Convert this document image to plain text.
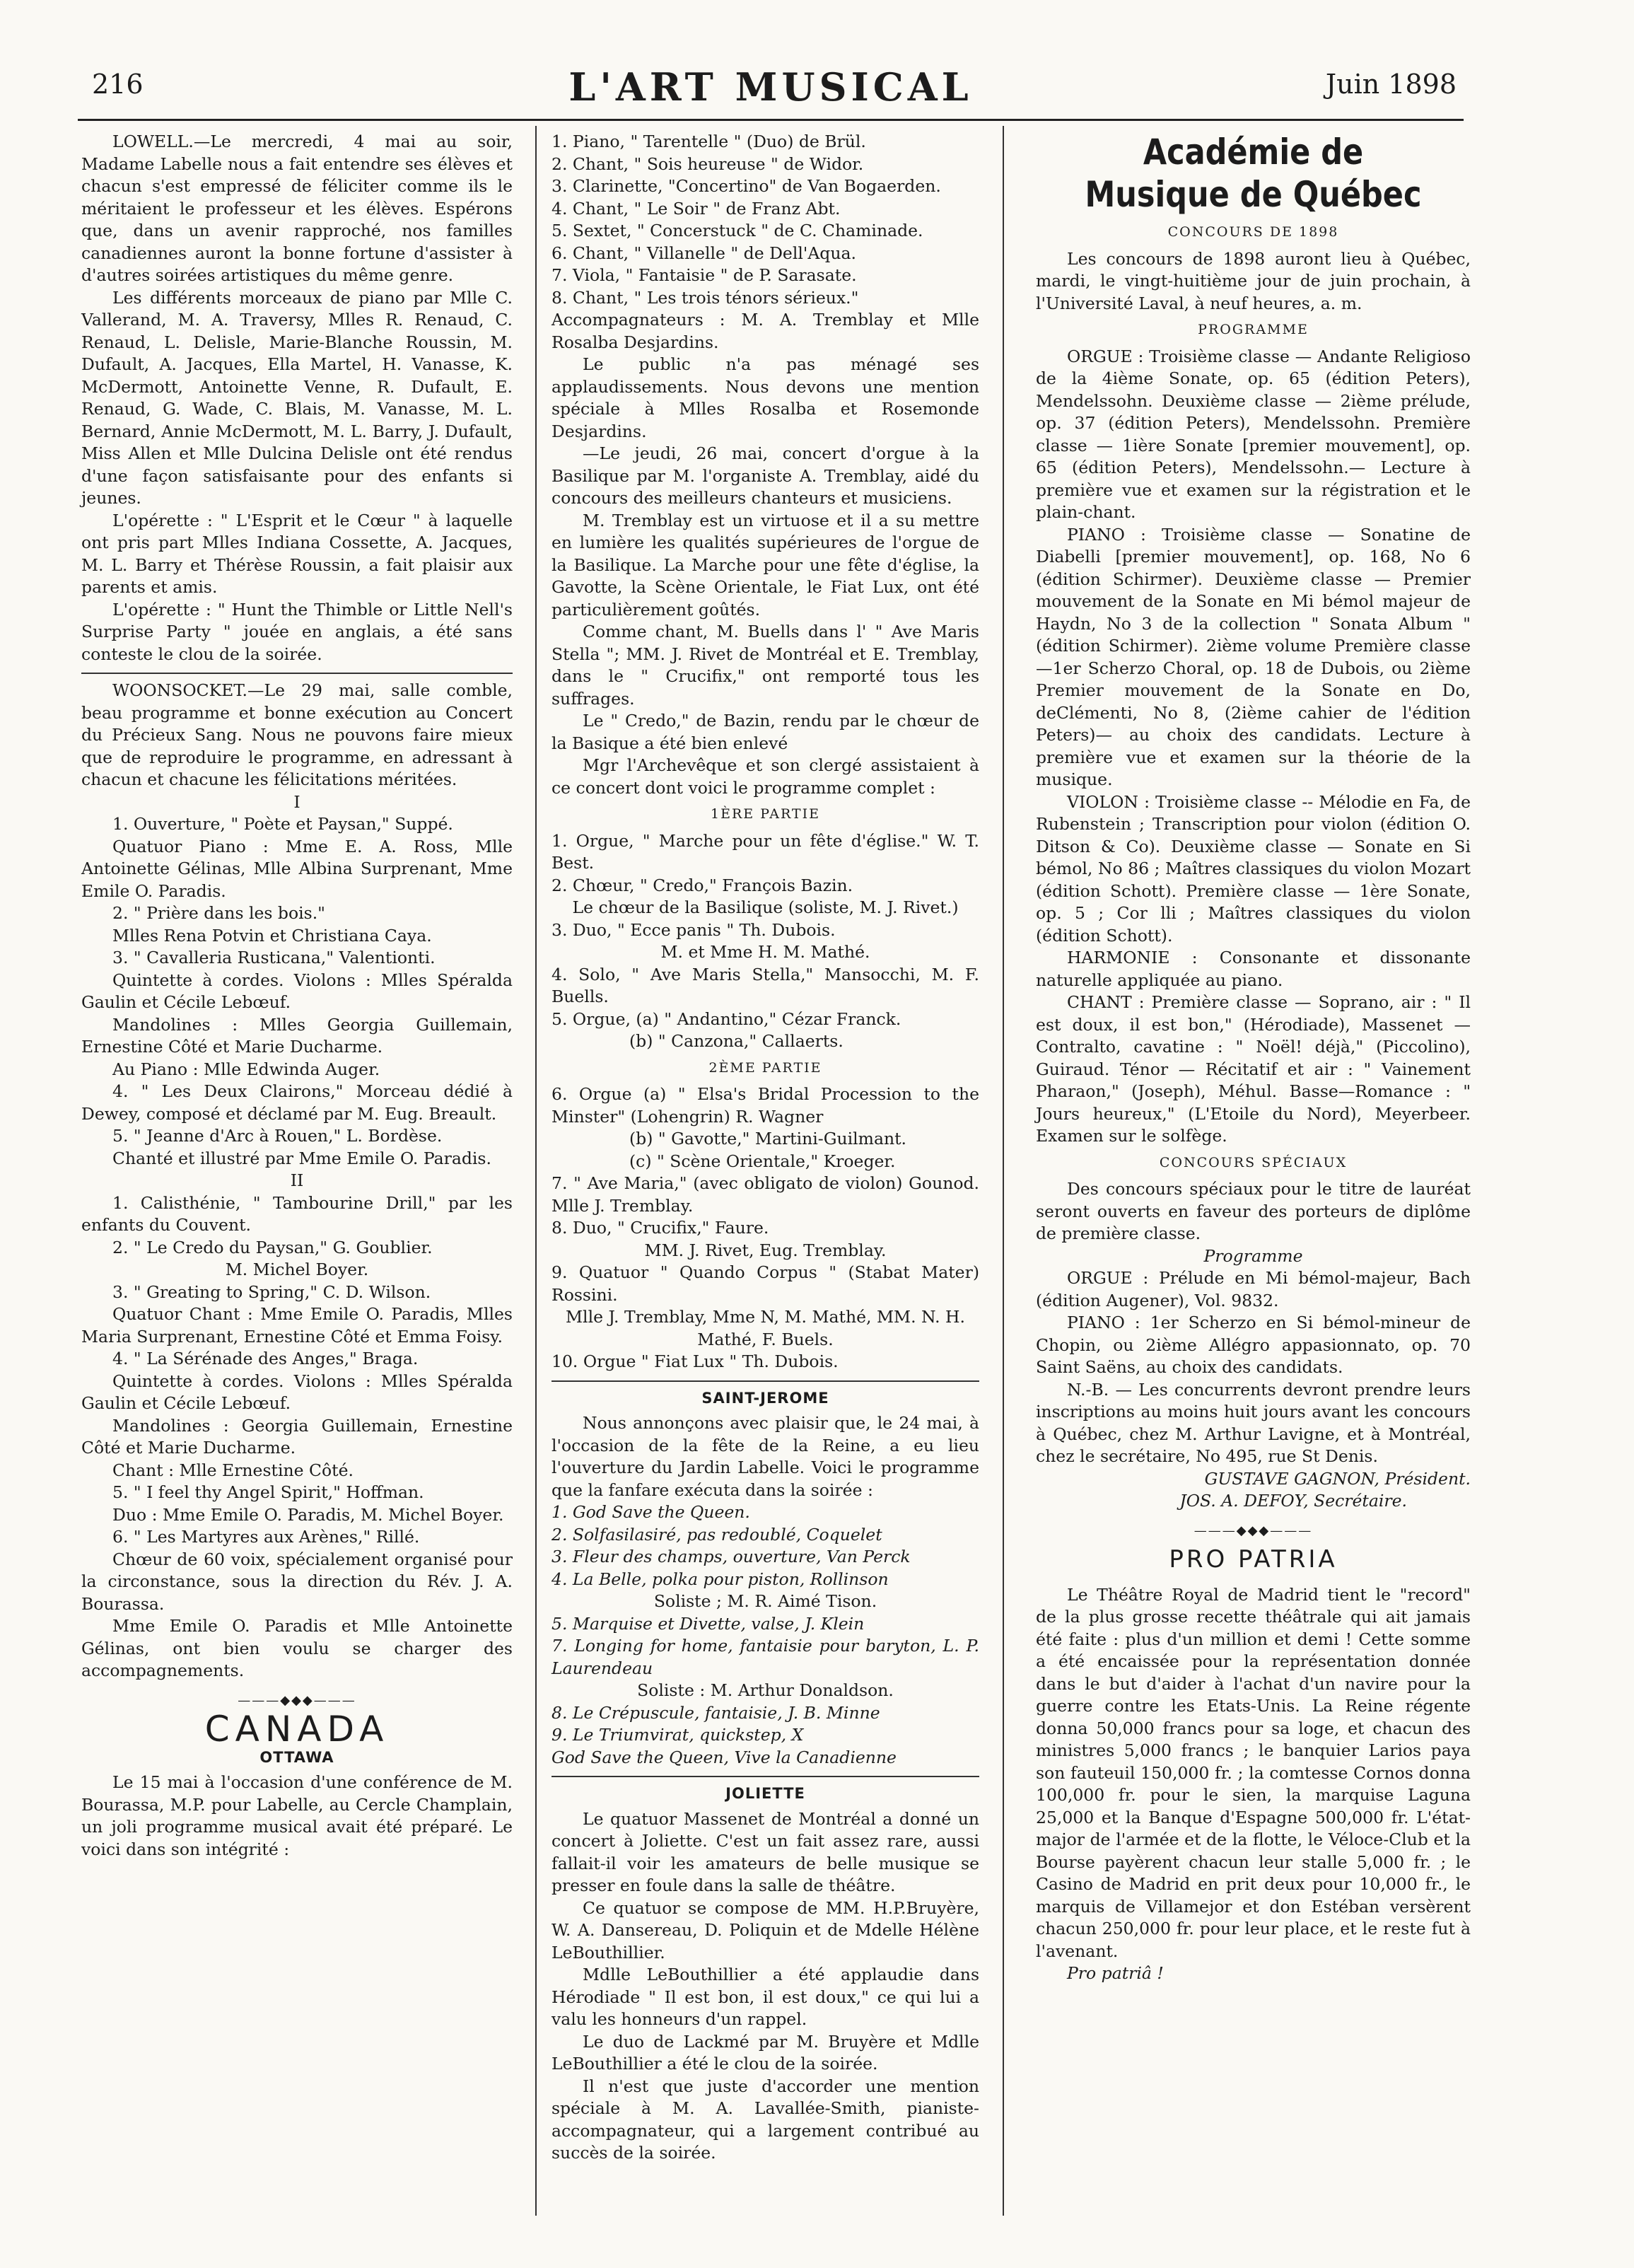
216	L'ART MUSICAL	Juin 1898

LOWELL.—Le mercredi, 4 mai au soir, Madame Labelle nous a fait entendre ses élèves et chacun s'est empressé de féliciter comme ils le méritaient le professeur et les élèves. Espérons que, dans un avenir rapproché, nos familles canadiennes auront la bonne fortune d'assister à d'autres soirées artistiques du même genre.

Les différents morceaux de piano par Mlle C. Vallerand, M. A. Traversy, Mlles R. Renaud, C. Renaud, L. Delisle, Marie-Blanche Roussin, M. Dufault, A. Jacques, Ella Martel, H. Vanasse, K. McDermott, Antoinette Venne, R. Dufault, E. Renaud, G. Wade, C. Blais, M. Vanasse, M. L. Bernard, Annie McDermott, M. L. Barry, J. Dufault, Miss Allen et Mlle Dulcina Delisle ont été rendus d'une façon satisfaisante pour des enfants si jeunes.

L'opérette : " L'Esprit et le Cœur " à laquelle ont pris part Mlles Indiana Cossette, A. Jacques, M. L. Barry et Thérèse Roussin, a fait plaisir aux parents et amis.

L'opérette : " Hunt the Thimble or Little Nell's Surprise Party " jouée en anglais, a été sans conteste le clou de la soirée.

WOONSOCKET.—Le 29 mai, salle comble, beau programme et bonne exécution au Concert du Précieux Sang. Nous ne pouvons faire mieux que de reproduire le programme, en adressant à chacun et chacune les félicitations méritées.

I

1. Ouverture, " Poète et Paysan," Suppé.

Quatuor Piano : Mme E. A. Ross, Mlle Antoinette Gélinas, Mlle Albina Surprenant, Mme Emile O. Paradis.

2. " Prière dans les bois."

Mlles Rena Potvin et Christiana Caya.

3. " Cavalleria Rusticana," Valentionti.

Quintette à cordes. Violons : Mlles Spéralda Gaulin et Cécile Lebœuf.

Mandolines : Mlles Georgia Guillemain, Ernestine Côté et Marie Ducharme.

Au Piano : Mlle Edwinda Auger.

4. " Les Deux Clairons," Morceau dédié à Dewey, composé et déclamé par M. Eug. Breault.

5. " Jeanne d'Arc à Rouen," L. Bordèse.

Chanté et illustré par Mme Emile O. Paradis.

II

1. Calisthénie, " Tambourine Drill," par les enfants du Couvent.

2. " Le Credo du Paysan," G. Goublier.

M. Michel Boyer.

3. " Greating to Spring," C. D. Wilson.

Quatuor Chant : Mme Emile O. Paradis, Mlles Maria Surprenant, Ernestine Côté et Emma Foisy.

4. " La Sérénade des Anges," Braga.

Quintette à cordes. Violons : Mlles Spéralda Gaulin et Cécile Lebœuf.

Mandolines : Georgia Guillemain, Ernestine Côté et Marie Ducharme.

Chant : Mlle Ernestine Côté.

5. " I feel thy Angel Spirit," Hoffman.

Duo : Mme Emile O. Paradis, M. Michel Boyer.

6. " Les Martyres aux Arènes," Rillé.

Chœur de 60 voix, spécialement organisé pour la circonstance, sous la direction du Rév. J. A. Bourassa.

Mme Emile O. Paradis et Mlle Antoinette Gélinas, ont bien voulu se charger des accompagnements.

———◆◆◆———
CANADA
OTTAWA

Le 15 mai à l'occasion d'une conférence de M. Bourassa, M.P. pour Labelle, au Cercle Champlain, un joli programme musical avait été préparé. Le voici dans son intégrité :

1. Piano, " Tarentelle " (Duo) de Brül.

2. Chant, " Sois heureuse " de Widor.

3. Clarinette, "Concertino" de Van Bogaerden.

4. Chant, " Le Soir " de Franz Abt.

5. Sextet, " Concerstuck " de C. Chaminade.

6. Chant, " Villanelle " de Dell'Aqua.

7. Viola, " Fantaisie " de P. Sarasate.

8. Chant, " Les trois ténors sérieux."

Accompagnateurs : M. A. Tremblay et Mlle Rosalba Desjardins.

Le public n'a pas ménagé ses applaudissements. Nous devons une mention spéciale à Mlles Rosalba et Rosemonde Desjardins.

—Le jeudi, 26 mai, concert d'orgue à la Basilique par M. l'organiste A. Tremblay, aidé du concours des meilleurs chanteurs et musiciens.

M. Tremblay est un virtuose et il a su mettre en lumière les qualités supérieures de l'orgue de la Basilique. La Marche pour une fête d'église, la Gavotte, la Scène Orientale, le Fiat Lux, ont été particulièrement goûtés.

Comme chant, M. Buells dans l' " Ave Maris Stella "; MM. J. Rivet de Montréal et E. Tremblay, dans le " Crucifix," ont remporté tous les suffrages.

Le " Credo," de Bazin, rendu par le chœur de la Basique a été bien enlevé

Mgr l'Archevêque et son clergé assistaient à ce concert dont voici le programme complet :

1ÈRE PARTIE

1. Orgue, " Marche pour un fête d'église." W. T. Best.

2. Chœur, " Credo," François Bazin.

Le chœur de la Basilique (soliste, M. J. Rivet.)

3. Duo, " Ecce panis " Th. Dubois.

M. et Mme H. M. Mathé.

4. Solo, " Ave Maris Stella," Mansocchi, M. F. Buells.

5. Orgue, (a) " Andantino," Cézar Franck.

(b) " Canzona," Callaerts.

2ÈME PARTIE

6. Orgue (a) " Elsa's Bridal Procession to the Minster" (Lohengrin) R. Wagner

(b) " Gavotte," Martini-Guilmant.

(c) " Scène Orientale," Kroeger.

7. " Ave Maria," (avec obligato de violon) Gounod. Mlle J. Tremblay.

8. Duo, " Crucifix," Faure.

MM. J. Rivet, Eug. Tremblay.

9. Quatuor " Quando Corpus " (Stabat Mater) Rossini.

Mlle J. Tremblay, Mme N, M. Mathé, MM. N. H. Mathé, F. Buels.

10. Orgue " Fiat Lux " Th. Dubois.

SAINT-JEROME

Nous annonçons avec plaisir que, le 24 mai, à l'occasion de la fête de la Reine, a eu lieu l'ouverture du Jardin Labelle. Voici le programme que la fanfare exécuta dans la soirée :

1. God Save the Queen.

2. Solfasilasiré, pas redoublé, Coquelet

3. Fleur des champs, ouverture, Van Perck

4. La Belle, polka pour piston, Rollinson

Soliste ; M. R. Aimé Tison.

5. Marquise et Divette, valse, J. Klein

7. Longing for home, fantaisie pour baryton, L. P. Laurendeau

Soliste : M. Arthur Donaldson.

8. Le Crépuscule, fantaisie, J. B. Minne

9. Le Triumvirat, quickstep, X

God Save the Queen, Vive la Canadienne

JOLIETTE

Le quatuor Massenet de Montréal a donné un concert à Joliette. C'est un fait assez rare, aussi fallait-il voir les amateurs de belle musique se presser en foule dans la salle de théâtre.

Ce quatuor se compose de MM. H.P.Bruyère, W. A. Dansereau, D. Poliquin et de Mdelle Hélène LeBouthillier.

Mdlle LeBouthillier a été applaudie dans Hérodiade " Il est bon, il est doux," ce qui lui a valu les honneurs d'un rappel.

Le duo de Lackmé par M. Bruyère et Mdlle LeBouthillier a été le clou de la soirée.

Il n'est que juste d'accorder une mention spéciale à M. A. Lavallée-Smith, pianiste-accompagnateur, qui a largement contribué au succès de la soirée.

Académie de Musique de Québec
CONCOURS DE 1898

Les concours de 1898 auront lieu à Québec, mardi, le vingt-huitième jour de juin prochain, à l'Université Laval, à neuf heures, a. m.

PROGRAMME

ORGUE : Troisième classe — Andante Religioso de la 4ième Sonate, op. 65 (édition Peters), Mendelssohn. Deuxième classe — 2ième prélude, op. 37 (édition Peters), Mendelssohn. Première classe — 1ière Sonate [premier mouvement], op. 65 (édition Peters), Mendelssohn.— Lecture à première vue et examen sur la régistration et le plain-chant.

PIANO : Troisième classe — Sonatine de Diabelli [premier mouvement], op. 168, No 6 (édition Schirmer). Deuxième classe — Premier mouvement de la Sonate en Mi bémol majeur de Haydn, No 3 de la collection " Sonata Album " (édition Schirmer). 2ième volume Première classe—1er Scherzo Choral, op. 18 de Dubois, ou 2ième Premier mouvement de la Sonate en Do, deClémenti, No 8, (2ième cahier de l'édition Peters)— au choix des candidats. Lecture à première vue et examen sur la théorie de la musique.

VIOLON : Troisième classe -- Mélodie en Fa, de Rubenstein ; Transcription pour violon (édition O. Ditson & Co). Deuxième classe — Sonate en Si bémol, No 86 ; Maîtres classiques du violon Mozart (édition Schott). Première classe — 1ère Sonate, op. 5 ; Cor lli ; Maîtres classiques du violon (édition Schott).

HARMONIE : Consonante et dissonante naturelle appliquée au piano.

CHANT : Première classe — Soprano, air : " Il est doux, il est bon," (Hérodiade), Massenet — Contralto, cavatine : " Noël! déjà," (Piccolino), Guiraud. Ténor — Récitatif et air : " Vainement Pharaon," (Joseph), Méhul. Basse—Romance : " Jours heureux," (L'Etoile du Nord), Meyerbeer. Examen sur le solfège.

CONCOURS SPÉCIAUX

Des concours spéciaux pour le titre de lauréat seront ouverts en faveur des porteurs de diplôme de première classe.

Programme

ORGUE : Prélude en Mi bémol-majeur, Bach (édition Augener), Vol. 9832.

PIANO : 1er Scherzo en Si bémol-mineur de Chopin, ou 2ième Allégro appasionnato, op. 70 Saint Saëns, au choix des candidats.

N.-B. — Les concurrents devront prendre leurs inscriptions au moins huit jours avant les concours à Québec, chez M. Arthur Lavigne, et à Montréal, chez le secrétaire, No 495, rue St Denis.

GUSTAVE GAGNON, Président.

JOS. A. DEFOY, Secrétaire.

———◆◆◆———
PRO PATRIA

Le Théâtre Royal de Madrid tient le "record" de la plus grosse recette théâtrale qui ait jamais été faite : plus d'un million et demi ! Cette somme a été encaissée pour la représentation donnée dans le but d'aider à l'achat d'un navire pour la guerre contre les Etats-Unis. La Reine régente donna 50,000 francs pour sa loge, et chacun des ministres 5,000 francs ; le banquier Larios paya son fauteuil 150,000 fr. ; la comtesse Cornos donna 100,000 fr. pour le sien, la marquise Laguna 25,000 et la Banque d'Espagne 500,000 fr. L'état-major de l'armée et de la flotte, le Véloce-Club et la Bourse payèrent chacun leur stalle 5,000 fr. ; le Casino de Madrid en prit deux pour 10,000 fr., le marquis de Villamejor et don Estéban versèrent chacun 250,000 fr. pour leur place, et le reste fut à l'avenant.

Pro patriâ !
